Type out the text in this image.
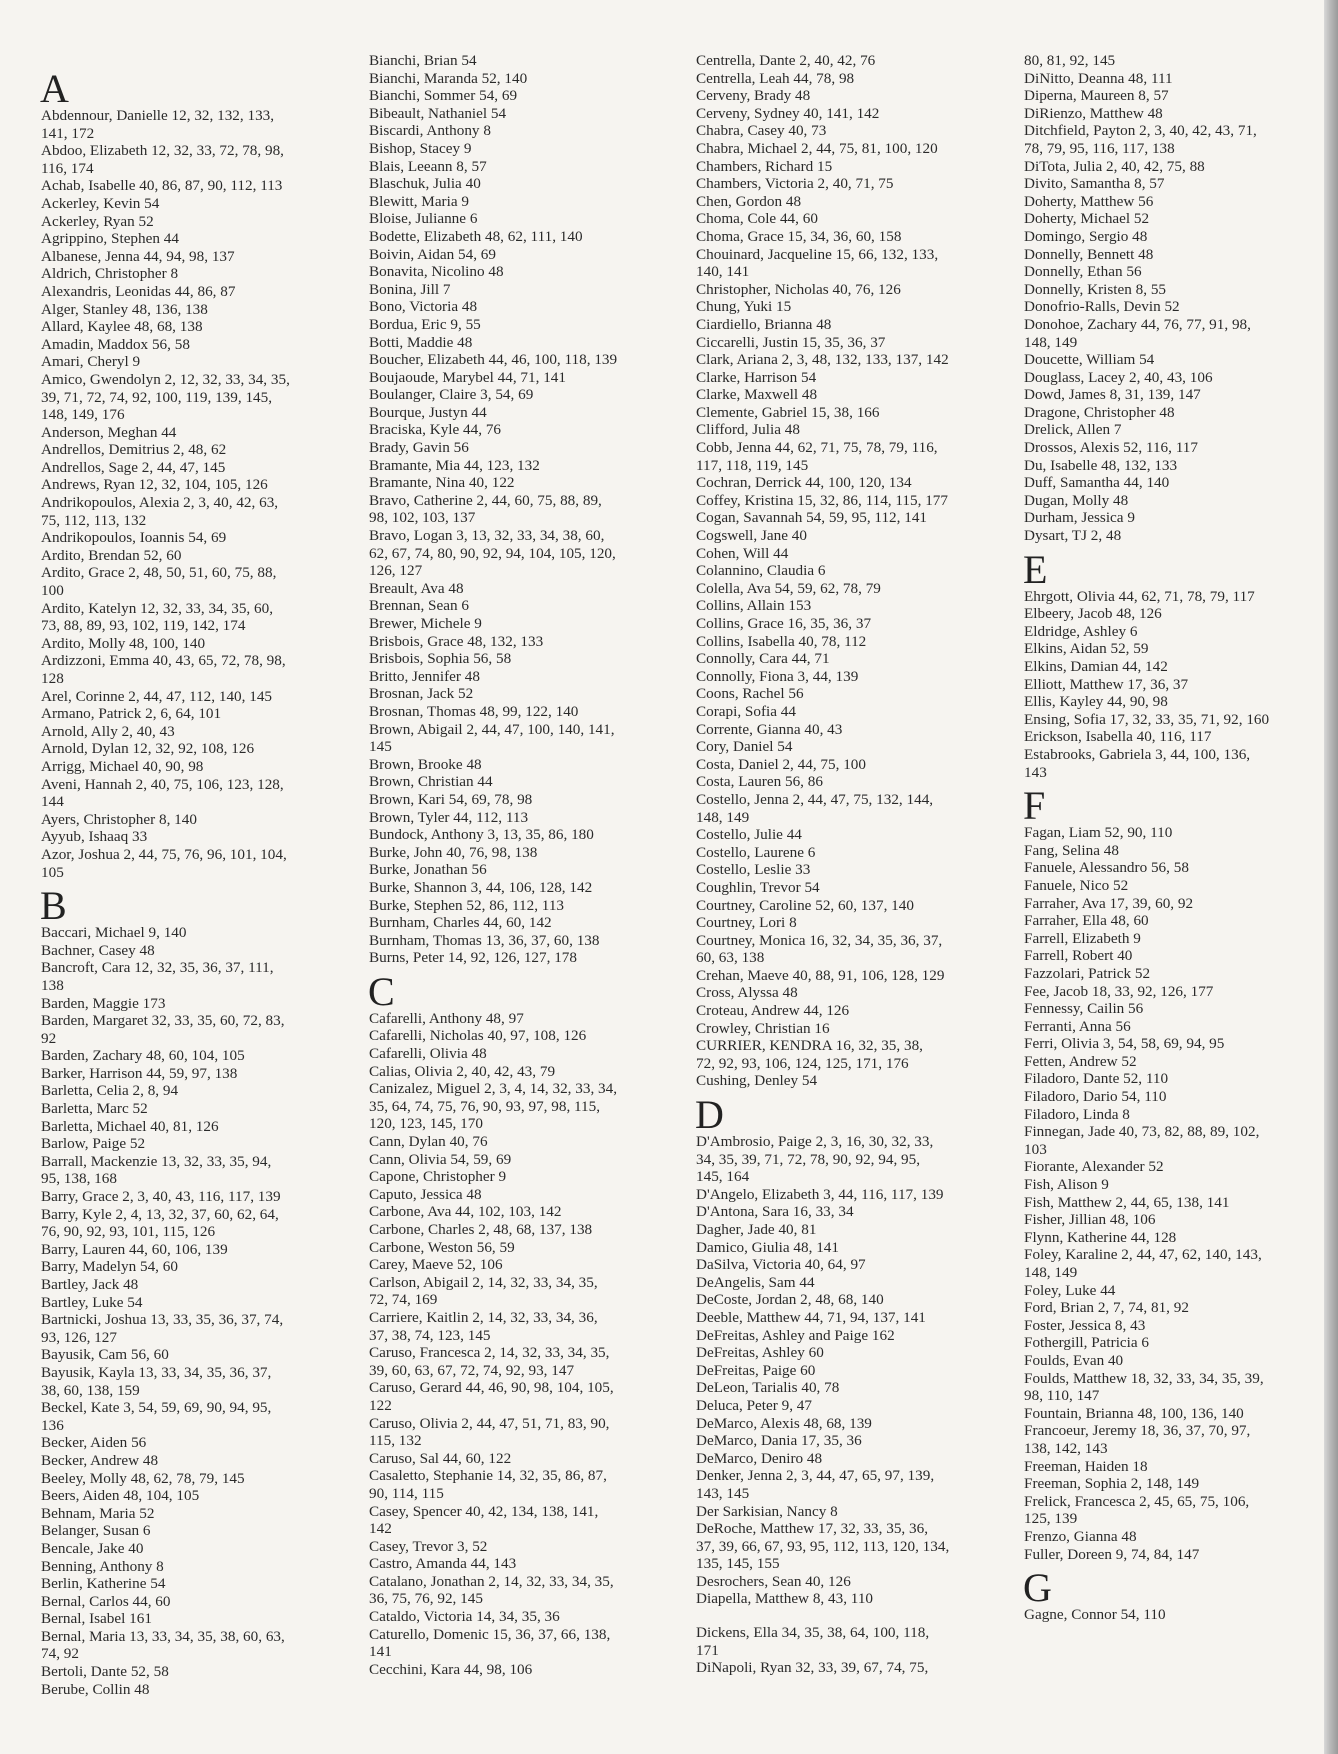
A
Abdennour, Danielle 12, 32, 132, 133,
141, 172
Abdoo, Elizabeth 12, 32, 33, 72, 78, 98,
116, 174
Achab, Isabelle 40, 86, 87, 90, 112, 113
Ackerley, Kevin 54
Ackerley, Ryan 52
Agrippino, Stephen 44
Albanese, Jenna 44, 94, 98, 137
Aldrich, Christopher 8
Alexandris, Leonidas 44, 86, 87
Alger, Stanley 48, 136, 138
Allard, Kaylee 48, 68, 138
Amadin, Maddox 56, 58
Amari, Cheryl 9
Amico, Gwendolyn 2, 12, 32, 33, 34, 35,
39, 71, 72, 74, 92, 100, 119, 139, 145,
148, 149, 176
Anderson, Meghan 44
Andrellos, Demitrius 2, 48, 62
Andrellos, Sage 2, 44, 47, 145
Andrews, Ryan 12, 32, 104, 105, 126
Andrikopoulos, Alexia 2, 3, 40, 42, 63,
75, 112, 113, 132
Andrikopoulos, Ioannis 54, 69
Ardito, Brendan 52, 60
Ardito, Grace 2, 48, 50, 51, 60, 75, 88,
100
Ardito, Katelyn 12, 32, 33, 34, 35, 60,
73, 88, 89, 93, 102, 119, 142, 174
Ardito, Molly 48, 100, 140
Ardizzoni, Emma 40, 43, 65, 72, 78, 98,
128
Arel, Corinne 2, 44, 47, 112, 140, 145
Armano, Patrick 2, 6, 64, 101
Arnold, Ally 2, 40, 43
Arnold, Dylan 12, 32, 92, 108, 126
Arrigg, Michael 40, 90, 98
Aveni, Hannah 2, 40, 75, 106, 123, 128,
144
Ayers, Christopher 8, 140
Ayyub, Ishaaq 33
Azor, Joshua 2, 44, 75, 76, 96, 101, 104,
105
B
Baccari, Michael 9, 140
Bachner, Casey 48
Bancroft, Cara 12, 32, 35, 36, 37, 111,
138
Barden, Maggie 173
Barden, Margaret 32, 33, 35, 60, 72, 83,
92
Barden, Zachary 48, 60, 104, 105
Barker, Harrison 44, 59, 97, 138
Barletta, Celia 2, 8, 94
Barletta, Marc 52
Barletta, Michael 40, 81, 126
Barlow, Paige 52
Barrall, Mackenzie 13, 32, 33, 35, 94,
95, 138, 168
Barry, Grace 2, 3, 40, 43, 116, 117, 139
Barry, Kyle 2, 4, 13, 32, 37, 60, 62, 64,
76, 90, 92, 93, 101, 115, 126
Barry, Lauren 44, 60, 106, 139
Barry, Madelyn 54, 60
Bartley, Jack 48
Bartley, Luke 54
Bartnicki, Joshua 13, 33, 35, 36, 37, 74,
93, 126, 127
Bayusik, Cam 56, 60
Bayusik, Kayla 13, 33, 34, 35, 36, 37,
38, 60, 138, 159
Beckel, Kate 3, 54, 59, 69, 90, 94, 95,
136
Becker, Aiden 56
Becker, Andrew 48
Beeley, Molly 48, 62, 78, 79, 145
Beers, Aiden 48, 104, 105
Behnam, Maria 52
Belanger, Susan 6
Bencale, Jake 40
Benning, Anthony 8
Berlin, Katherine 54
Bernal, Carlos 44, 60
Bernal, Isabel 161
Bernal, Maria 13, 33, 34, 35, 38, 60, 63,
74, 92
Bertoli, Dante 52, 58
Berube, Collin 48
Bianchi, Brian 54
Bianchi, Maranda 52, 140
Bianchi, Sommer 54, 69
Bibeault, Nathaniel 54
Biscardi, Anthony 8
Bishop, Stacey 9
Blais, Leeann 8, 57
Blaschuk, Julia 40
Blewitt, Maria 9
Bloise, Julianne 6
Bodette, Elizabeth 48, 62, 111, 140
Boivin, Aidan 54, 69
Bonavita, Nicolino 48
Bonina, Jill 7
Bono, Victoria 48
Bordua, Eric 9, 55
Botti, Maddie 48
Boucher, Elizabeth 44, 46, 100, 118, 139
Boujaoude, Marybel 44, 71, 141
Boulanger, Claire 3, 54, 69
Bourque, Justyn 44
Braciska, Kyle 44, 76
Brady, Gavin 56
Bramante, Mia 44, 123, 132
Bramante, Nina 40, 122
Bravo, Catherine 2, 44, 60, 75, 88, 89,
98, 102, 103, 137
Bravo, Logan 3, 13, 32, 33, 34, 38, 60,
62, 67, 74, 80, 90, 92, 94, 104, 105, 120,
126, 127
Breault, Ava 48
Brennan, Sean 6
Brewer, Michele 9
Brisbois, Grace 48, 132, 133
Brisbois, Sophia 56, 58
Britto, Jennifer 48
Brosnan, Jack 52
Brosnan, Thomas 48, 99, 122, 140
Brown, Abigail 2, 44, 47, 100, 140, 141,
145
Brown, Brooke 48
Brown, Christian 44
Brown, Kari 54, 69, 78, 98
Brown, Tyler 44, 112, 113
Bundock, Anthony 3, 13, 35, 86, 180
Burke, John 40, 76, 98, 138
Burke, Jonathan 56
Burke, Shannon 3, 44, 106, 128, 142
Burke, Stephen 52, 86, 112, 113
Burnham, Charles 44, 60, 142
Burnham, Thomas 13, 36, 37, 60, 138
Burns, Peter 14, 92, 126, 127, 178
C
Cafarelli, Anthony 48, 97
Cafarelli, Nicholas 40, 97, 108, 126
Cafarelli, Olivia 48
Calias, Olivia 2, 40, 42, 43, 79
Canizalez, Miguel 2, 3, 4, 14, 32, 33, 34,
35, 64, 74, 75, 76, 90, 93, 97, 98, 115,
120, 123, 145, 170
Cann, Dylan 40, 76
Cann, Olivia 54, 59, 69
Capone, Christopher 9
Caputo, Jessica 48
Carbone, Ava 44, 102, 103, 142
Carbone, Charles 2, 48, 68, 137, 138
Carbone, Weston 56, 59
Carey, Maeve 52, 106
Carlson, Abigail 2, 14, 32, 33, 34, 35,
72, 74, 169
Carriere, Kaitlin 2, 14, 32, 33, 34, 36,
37, 38, 74, 123, 145
Caruso, Francesca 2, 14, 32, 33, 34, 35,
39, 60, 63, 67, 72, 74, 92, 93, 147
Caruso, Gerard 44, 46, 90, 98, 104, 105,
122
Caruso, Olivia 2, 44, 47, 51, 71, 83, 90,
115, 132
Caruso, Sal 44, 60, 122
Casaletto, Stephanie 14, 32, 35, 86, 87,
90, 114, 115
Casey, Spencer 40, 42, 134, 138, 141,
142
Casey, Trevor 3, 52
Castro, Amanda 44, 143
Catalano, Jonathan 2, 14, 32, 33, 34, 35,
36, 75, 76, 92, 145
Cataldo, Victoria 14, 34, 35, 36
Caturello, Domenic 15, 36, 37, 66, 138,
141
Cecchini, Kara 44, 98, 106
Centrella, Dante 2, 40, 42, 76
Centrella, Leah 44, 78, 98
Cerveny, Brady 48
Cerveny, Sydney 40, 141, 142
Chabra, Casey 40, 73
Chabra, Michael 2, 44, 75, 81, 100, 120
Chambers, Richard 15
Chambers, Victoria 2, 40, 71, 75
Chen, Gordon 48
Choma, Cole 44, 60
Choma, Grace 15, 34, 36, 60, 158
Chouinard, Jacqueline 15, 66, 132, 133,
140, 141
Christopher, Nicholas 40, 76, 126
Chung, Yuki 15
Ciardiello, Brianna 48
Ciccarelli, Justin 15, 35, 36, 37
Clark, Ariana 2, 3, 48, 132, 133, 137, 142
Clarke, Harrison 54
Clarke, Maxwell 48
Clemente, Gabriel 15, 38, 166
Clifford, Julia 48
Cobb, Jenna 44, 62, 71, 75, 78, 79, 116,
117, 118, 119, 145
Cochran, Derrick 44, 100, 120, 134
Coffey, Kristina 15, 32, 86, 114, 115, 177
Cogan, Savannah 54, 59, 95, 112, 141
Cogswell, Jane 40
Cohen, Will 44
Colannino, Claudia 6
Colella, Ava 54, 59, 62, 78, 79
Collins, Allain 153
Collins, Grace 16, 35, 36, 37
Collins, Isabella 40, 78, 112
Connolly, Cara 44, 71
Connolly, Fiona 3, 44, 139
Coons, Rachel 56
Corapi, Sofia 44
Corrente, Gianna 40, 43
Cory, Daniel 54
Costa, Daniel 2, 44, 75, 100
Costa, Lauren 56, 86
Costello, Jenna 2, 44, 47, 75, 132, 144,
148, 149
Costello, Julie 44
Costello, Laurene 6
Costello, Leslie 33
Coughlin, Trevor 54
Courtney, Caroline 52, 60, 137, 140
Courtney, Lori 8
Courtney, Monica 16, 32, 34, 35, 36, 37,
60, 63, 138
Crehan, Maeve 40, 88, 91, 106, 128, 129
Cross, Alyssa 48
Croteau, Andrew 44, 126
Crowley, Christian 16
CURRIER, KENDRA 16, 32, 35, 38,
72, 92, 93, 106, 124, 125, 171, 176
Cushing, Denley 54
D
D'Ambrosio, Paige 2, 3, 16, 30, 32, 33,
34, 35, 39, 71, 72, 78, 90, 92, 94, 95,
145, 164
D'Angelo, Elizabeth 3, 44, 116, 117, 139
D'Antona, Sara 16, 33, 34
Dagher, Jade 40, 81
Damico, Giulia 48, 141
DaSilva, Victoria 40, 64, 97
DeAngelis, Sam 44
DeCoste, Jordan 2, 48, 68, 140
Deeble, Matthew 44, 71, 94, 137, 141
DeFreitas, Ashley and Paige 162
DeFreitas, Ashley 60
DeFreitas, Paige 60
DeLeon, Tarialis 40, 78
Deluca, Peter 9, 47
DeMarco, Alexis 48, 68, 139
DeMarco, Dania 17, 35, 36
DeMarco, Deniro 48
Denker, Jenna 2, 3, 44, 47, 65, 97, 139,
143, 145
Der Sarkisian, Nancy 8
DeRoche, Matthew 17, 32, 33, 35, 36,
37, 39, 66, 67, 93, 95, 112, 113, 120, 134,
135, 145, 155
Desrochers, Sean 40, 126
Diapella, Matthew 8, 43, 110
Dickens, Ella 34, 35, 38, 64, 100, 118,
171
DiNapoli, Ryan 32, 33, 39, 67, 74, 75,
80, 81, 92, 145
DiNitto, Deanna 48, 111
Diperna, Maureen 8, 57
DiRienzo, Matthew 48
Ditchfield, Payton 2, 3, 40, 42, 43, 71,
78, 79, 95, 116, 117, 138
DiTota, Julia 2, 40, 42, 75, 88
Divito, Samantha 8, 57
Doherty, Matthew 56
Doherty, Michael 52
Domingo, Sergio 48
Donnelly, Bennett 48
Donnelly, Ethan 56
Donnelly, Kristen 8, 55
Donofrio-Ralls, Devin 52
Donohoe, Zachary 44, 76, 77, 91, 98,
148, 149
Doucette, William 54
Douglass, Lacey 2, 40, 43, 106
Dowd, James 8, 31, 139, 147
Dragone, Christopher 48
Drelick, Allen 7
Drossos, Alexis 52, 116, 117
Du, Isabelle 48, 132, 133
Duff, Samantha 44, 140
Dugan, Molly 48
Durham, Jessica 9
Dysart, TJ 2, 48
E
Ehrgott, Olivia 44, 62, 71, 78, 79, 117
Elbeery, Jacob 48, 126
Eldridge, Ashley 6
Elkins, Aidan 52, 59
Elkins, Damian 44, 142
Elliott, Matthew 17, 36, 37
Ellis, Kayley 44, 90, 98
Ensing, Sofia 17, 32, 33, 35, 71, 92, 160
Erickson, Isabella 40, 116, 117
Estabrooks, Gabriela 3, 44, 100, 136,
143
F
Fagan, Liam 52, 90, 110
Fang, Selina 48
Fanuele, Alessandro 56, 58
Fanuele, Nico 52
Farraher, Ava 17, 39, 60, 92
Farraher, Ella 48, 60
Farrell, Elizabeth 9
Farrell, Robert 40
Fazzolari, Patrick 52
Fee, Jacob 18, 33, 92, 126, 177
Fennessy, Cailin 56
Ferranti, Anna 56
Ferri, Olivia 3, 54, 58, 69, 94, 95
Fetten, Andrew 52
Filadoro, Dante 52, 110
Filadoro, Dario 54, 110
Filadoro, Linda 8
Finnegan, Jade 40, 73, 82, 88, 89, 102,
103
Fiorante, Alexander 52
Fish, Alison 9
Fish, Matthew 2, 44, 65, 138, 141
Fisher, Jillian 48, 106
Flynn, Katherine 44, 128
Foley, Karaline 2, 44, 47, 62, 140, 143,
148, 149
Foley, Luke 44
Ford, Brian 2, 7, 74, 81, 92
Foster, Jessica 8, 43
Fothergill, Patricia 6
Foulds, Evan 40
Foulds, Matthew 18, 32, 33, 34, 35, 39,
98, 110, 147
Fountain, Brianna 48, 100, 136, 140
Francoeur, Jeremy 18, 36, 37, 70, 97,
138, 142, 143
Freeman, Haiden 18
Freeman, Sophia 2, 148, 149
Frelick, Francesca 2, 45, 65, 75, 106,
125, 139
Frenzo, Gianna 48
Fuller, Doreen 9, 74, 84, 147
G
Gagne, Connor 54, 110
